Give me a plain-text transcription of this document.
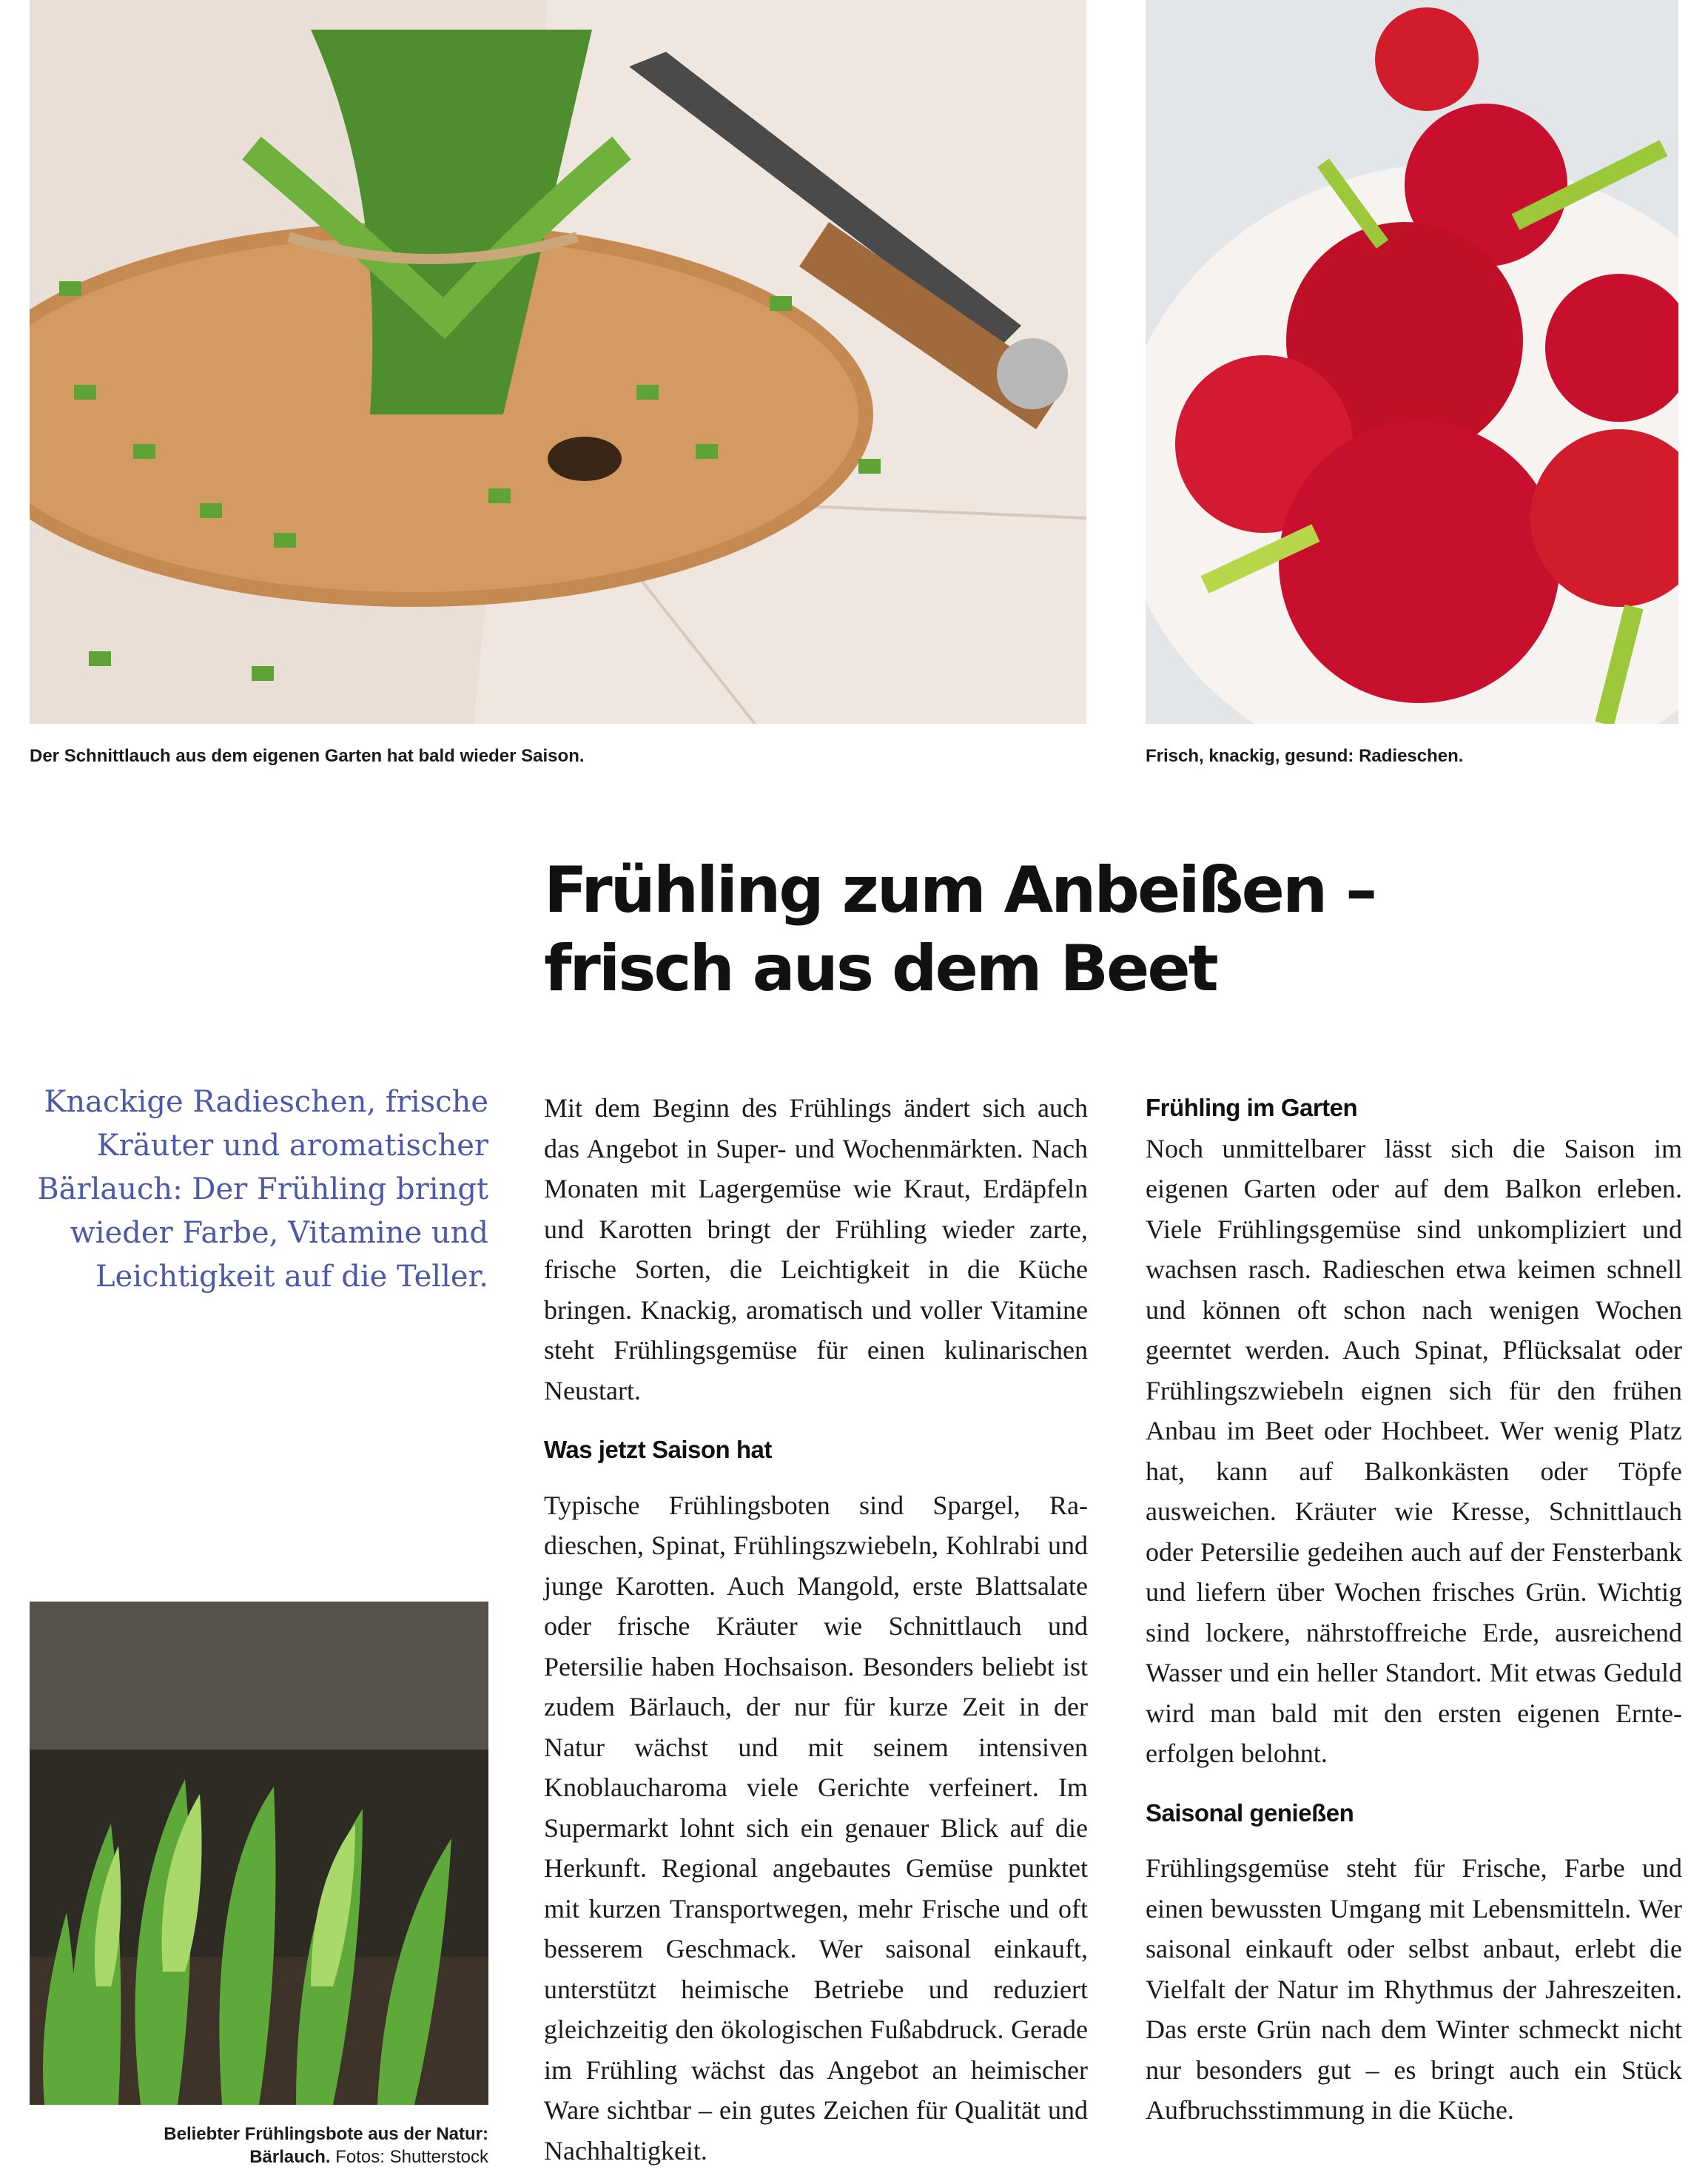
Der Schnittlauch aus dem eigenen Garten hat bald wieder Saison.	Frisch, knackig, gesund: Radieschen.
Beliebter Frühlingsbote aus der Natur:
Bärlauch. Fotos: Shutterstock
Frühling zum Anbeißen –
frisch aus dem Beet
Knackige Radieschen, frische Kräuter und aromatischer Bärlauch: Der Frühling bringt wieder Farbe, Vitamine und Leichtigkeit auf die Teller.

Mit dem Beginn des Frühlings ändert sich auch das Angebot in Super- und Wochenmärkten. Nach Monaten mit Lagergemüse wie Kraut, Erdäpfeln und Karotten bringt der Frühling wieder zarte, frische Sorten, die Leichtigkeit in die Küche bringen. Knackig, aromatisch und voller Vitamine steht Frühlingsgemüse für einen kulinarischen Neustart.

Was jetzt Saison hat

Typische Frühlingsboten sind Spargel, Radieschen, Spinat, Frühlingszwiebeln, Kohlrabi und junge Karotten. Auch Mangold, erste Blattsalate oder frische Kräuter wie Schnittlauch und Petersilie haben Hochsaison. Besonders beliebt ist zudem Bärlauch, der nur für kurze Zeit in der Natur wächst und mit seinem intensiven Knoblaucharoma viele Gerichte verfeinert. Im Supermarkt lohnt sich ein genauer Blick auf die Herkunft. Regional angebautes Gemüse punktet mit kurzen Transportwegen, mehr Frische und oft besserem Geschmack. Wer saisonal einkauft, unterstützt heimische Betriebe und reduziert gleichzeitig den ökologischen Fußabdruck. Gerade im Frühling wächst das Angebot an heimischer Ware sichtbar – ein gutes Zeichen für Qualität und Nachhaltigkeit.

Frühling im Garten

Noch unmittelbarer lässt sich die Saison im eigenen Garten oder auf dem Balkon erleben. Viele Frühlingsgemüse sind unkompliziert und wachsen rasch. Radieschen etwa keimen schnell und können oft schon nach wenigen Wochen geerntet werden. Auch Spinat, Pflücksalat oder Frühlingszwiebeln eignen sich für den frühen Anbau im Beet oder Hochbeet. Wer wenig Platz hat, kann auf Balkonkästen oder Töpfe ausweichen. Kräuter wie Kresse, Schnittlauch oder Petersilie gedeihen auch auf der Fensterbank und liefern über Wochen frisches Grün. Wichtig sind lockere, nährstoffreiche Erde, ausreichend Wasser und ein heller Standort. Mit etwas Geduld wird man bald mit den ersten eigenen Ernteerfolgen belohnt.

Saisonal genießen

Frühlingsgemüse steht für Frische, Farbe und einen bewussten Umgang mit Lebensmitteln. Wer saisonal einkauft oder selbst anbaut, erlebt die Vielfalt der Natur im Rhythmus der Jahreszeiten. Das erste Grün nach dem Winter schmeckt nicht nur besonders gut – es bringt auch ein Stück Aufbruchsstimmung in die Küche.
